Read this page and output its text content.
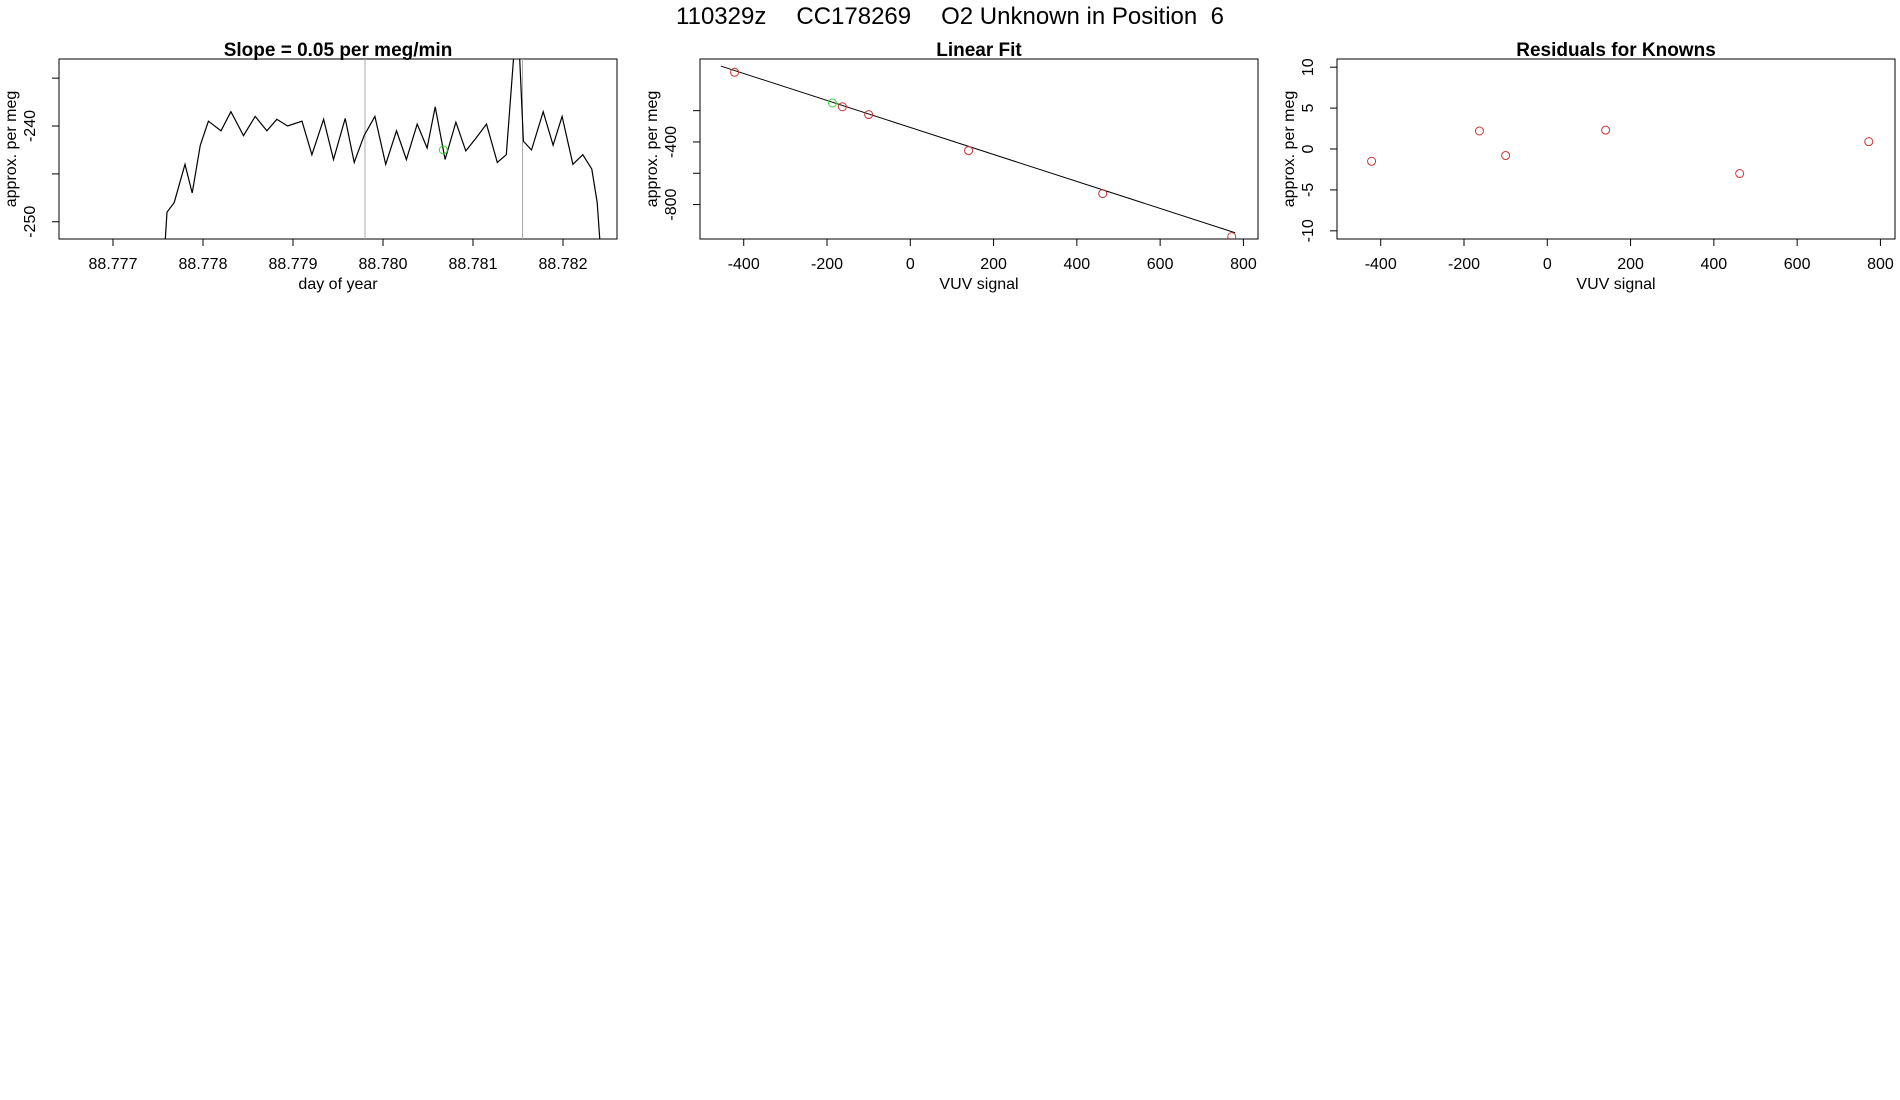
110329z CC178269 O2 Unknown in Position  6
Slope = 0.05 per meg/min
88.777	88.778	88.779	88.780	88.781	88.782
day of year
-250
-240
approx. per meg
Linear Fit
-400	-200	0	200	400	600	800
VUV signal
-800
-400
approx. per meg
Residuals for Knowns
-400	-200	0	200	400	600	800
VUV signal
-10
-5
0
5
10
approx. per meg
